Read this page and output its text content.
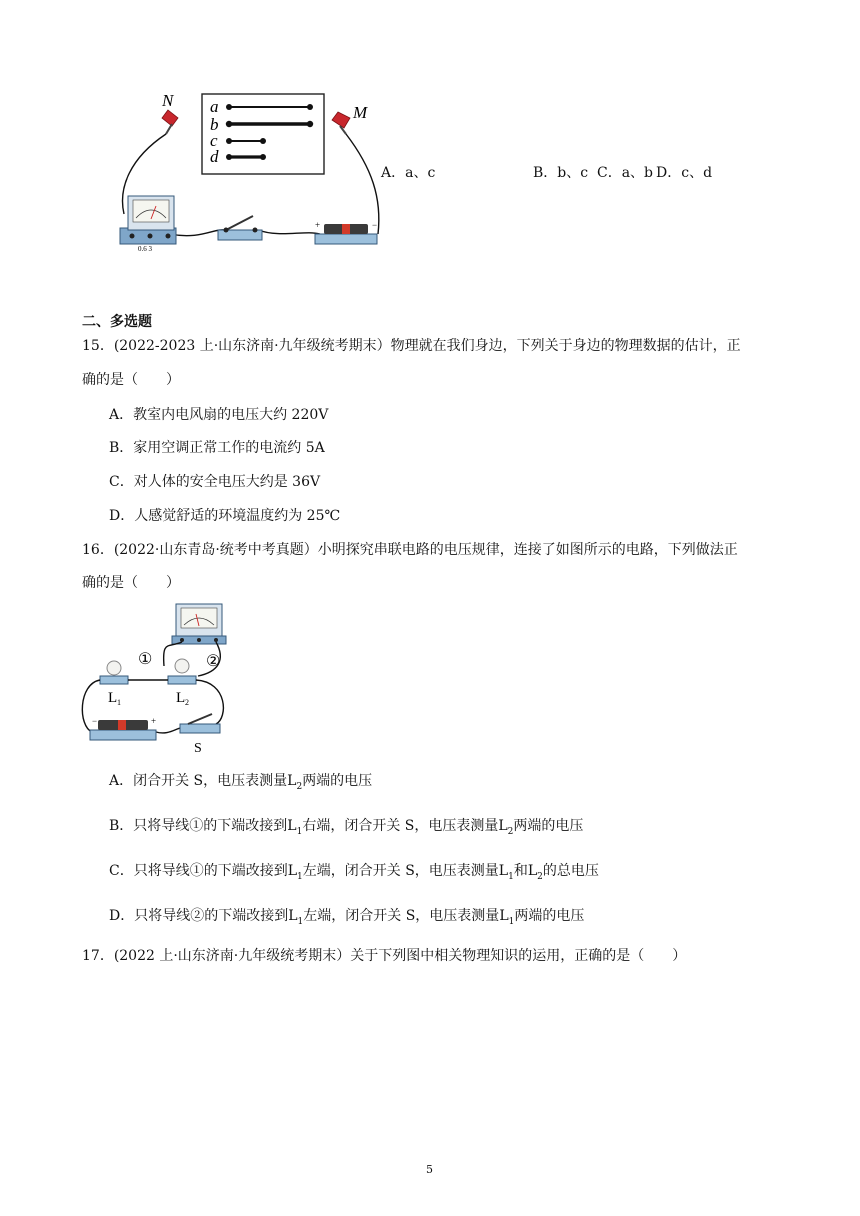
a
b
c
d
N
M
0.6 3
+	−
A．a、c	B．b、c C．a、b D．c、d
二、多选题
15．(2022-2023 上·山东济南·九年级统考期末）物理就在我们身边，下列关于身边的物理数据的估计，正
确的是（　　）
A．教室内电风扇的电压大约 220V
B．家用空调正常工作的电流约 5A
C．对人体的安全电压大约是 36V
D．人感觉舒适的环境温度约为 25℃
16．(2022·山东青岛·统考中考真题）小明探究串联电路的电压规律，连接了如图所示的电路，下列做法正
确的是（　　）
①	②
L 1	L 2
−	+
S
A．闭合开关 S，电压表测量$L_2$两端的电压
B．只将导线①的下端改接到$L_1$右端，闭合开关 S，电压表测量$L_2$两端的电压
C．只将导线①的下端改接到$L_1$左端，闭合开关 S，电压表测量$L_1$和$L_2$的总电压
D．只将导线②的下端改接到$L_1$左端，闭合开关 S，电压表测量$L_1$两端的电压
17．(2022 上·山东济南·九年级统考期末）关于下列图中相关物理知识的运用，正确的是（　　）
5
